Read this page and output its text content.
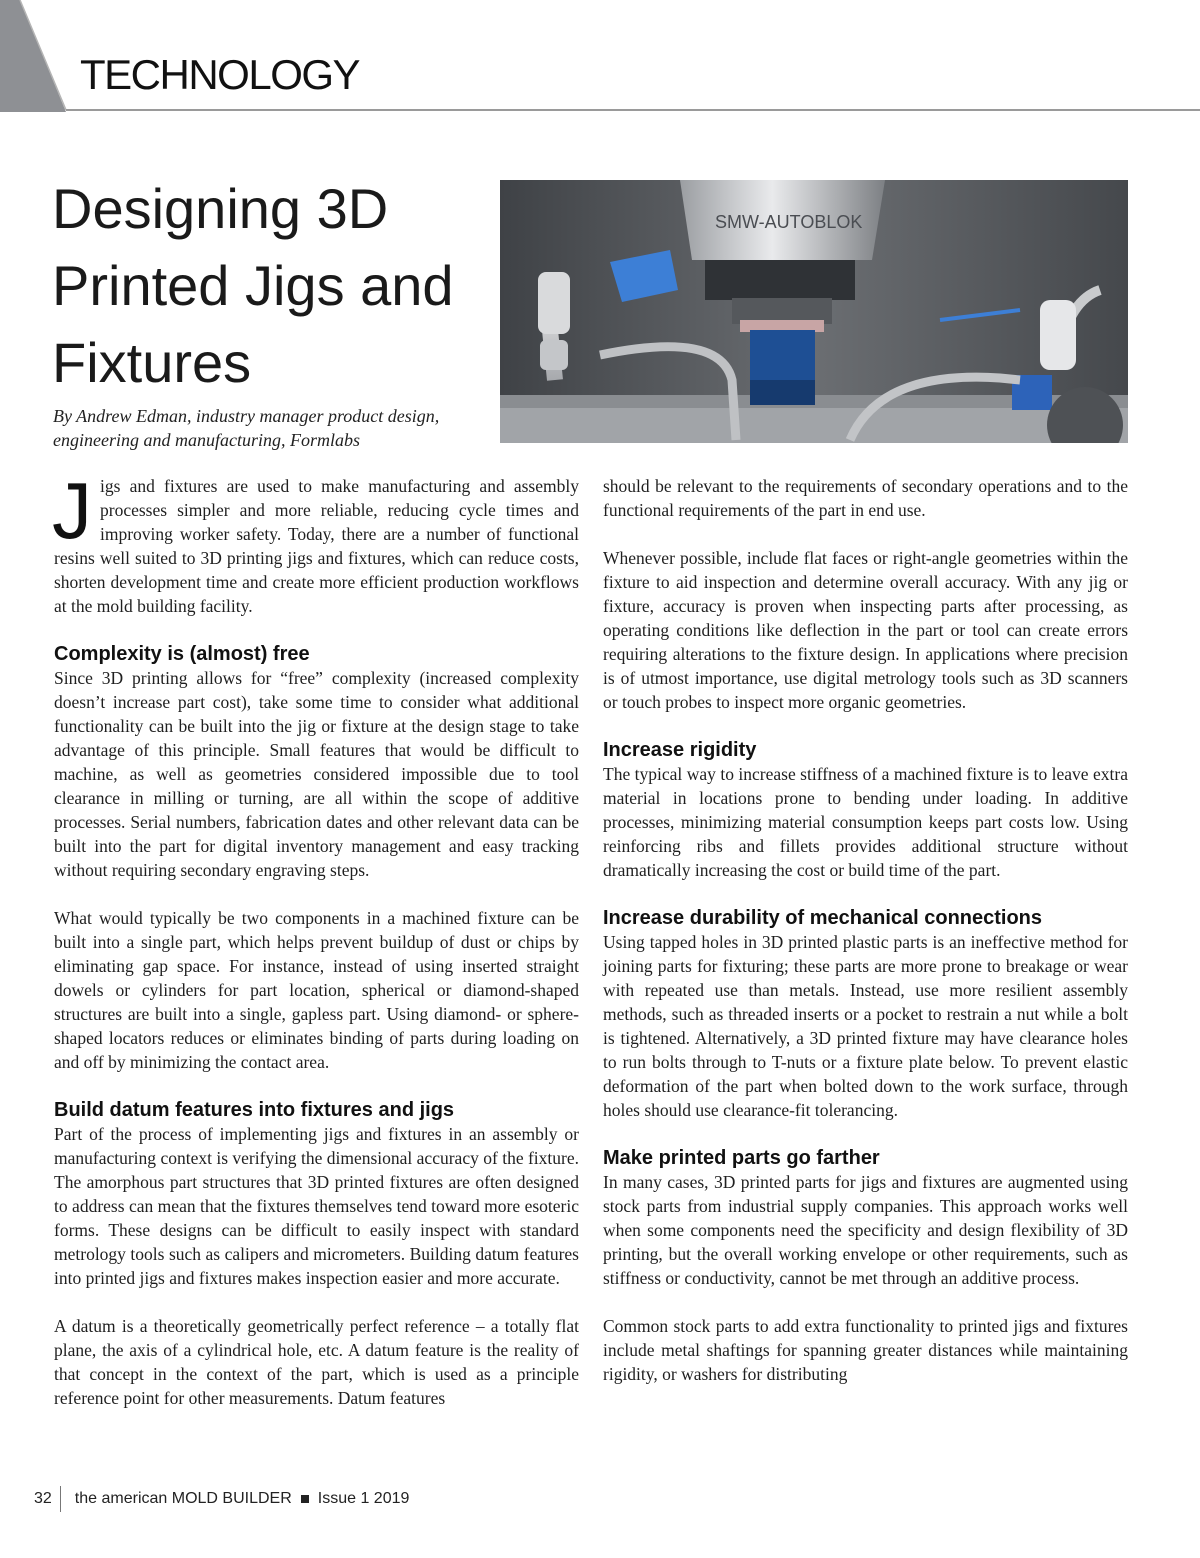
TECHNOLOGY
Designing 3D Printed Jigs and Fixtures

By Andrew Edman, industry manager product design,
engineering and manufacturing, Formlabs

SMW-AUTOBLOK

Jigs and fixtures are used to make manufacturing and assembly processes simpler and more reliable, reducing cycle times and improving worker safety. Today, there are a number of functional resins well suited to 3D printing jigs and fixtures, which can reduce costs, shorten development time and create more efficient production workflows at the mold building facility.

Complexity is (almost) free

Since 3D printing allows for “free” complexity (increased complexity doesn’t increase part cost), take some time to consider what additional functionality can be built into the jig or fixture at the design stage to take advantage of this principle. Small features that would be difficult to machine, as well as geometries considered impossible due to tool clearance in milling or turning, are all within the scope of additive processes. Serial numbers, fabrication dates and other relevant data can be built into the part for digital inventory management and easy tracking without requiring secondary engraving steps.

What would typically be two components in a machined fixture can be built into a single part, which helps prevent buildup of dust or chips by eliminating gap space. For instance, instead of using inserted straight dowels or cylinders for part location, spherical or diamond-shaped structures are built into a single, gapless part. Using diamond- or sphere-shaped locators reduces or eliminates binding of parts during loading on and off by minimizing the contact area.

Build datum features into fixtures and jigs

Part of the process of implementing jigs and fixtures in an assembly or manufacturing context is verifying the dimensional accuracy of the fixture. The amorphous part structures that 3D printed fixtures are often designed to address can mean that the fixtures themselves tend toward more esoteric forms. These designs can be difficult to easily inspect with standard metrology tools such as calipers and micrometers. Building datum features into printed jigs and fixtures makes inspection easier and more accurate.

A datum is a theoretically geometrically perfect reference – a totally flat plane, the axis of a cylindrical hole, etc. A datum feature is the reality of that concept in the context of the part, which is used as a principle reference point for other measurements. Datum features

should be relevant to the requirements of secondary operations and to the functional requirements of the part in end use.

Whenever possible, include flat faces or right-angle geometries within the fixture to aid inspection and determine overall accuracy. With any jig or fixture, accuracy is proven when inspecting parts after processing, as operating conditions like deflection in the part or tool can create errors requiring alterations to the fixture design. In applications where precision is of utmost importance, use digital metrology tools such as 3D scanners or touch probes to inspect more organic geometries.

Increase rigidity

The typical way to increase stiffness of a machined fixture is to leave extra material in locations prone to bending under loading. In additive processes, minimizing material consumption keeps part costs low. Using reinforcing ribs and fillets provides additional structure without dramatically increasing the cost or build time of the part.

Increase durability of mechanical connections

Using tapped holes in 3D printed plastic parts is an ineffective method for joining parts for fixturing; these parts are more prone to breakage or wear with repeated use than metals. Instead, use more resilient assembly methods, such as threaded inserts or a pocket to restrain a nut while a bolt is tightened. Alternatively, a 3D printed fixture may have clearance holes to run bolts through to T-nuts or a fixture plate below. To prevent elastic deformation of the part when bolted down to the work surface, through holes should use clearance-fit tolerancing.

Make printed parts go farther

In many cases, 3D printed parts for jigs and fixtures are augmented using stock parts from industrial supply companies. This approach works well when some components need the specificity and design flexibility of 3D printing, but the overall working envelope or other requirements, such as stiffness or conductivity, cannot be met through an additive process.

Common stock parts to add extra functionality to printed jigs and fixtures include metal shaftings for spanning greater distances while maintaining rigidity, or washers for distributing

32 the american MOLD BUILDER Issue 1 2019
